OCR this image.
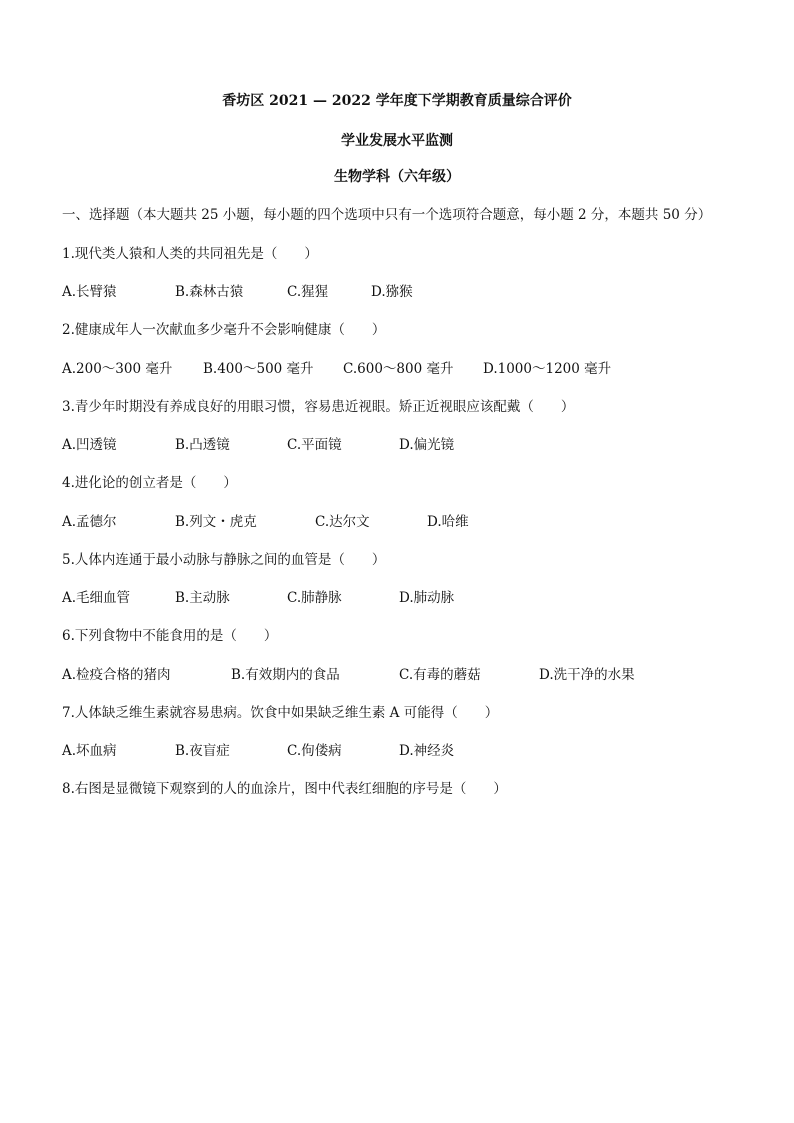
香坊区 2021 — 2022 学年度下学期教育质量综合评价
学业发展水平监测
生物学科（六年级）
一、选择题（本大题共 25 小题，每小题的四个选项中只有一个选项符合题意，每小题 2 分，本题共 50 分）
1.现代类人猿和人类的共同祖先是（　　）
A.长臂猿	B.森林古猿	C.猩猩	D.猕猴
2.健康成年人一次献血多少毫升不会影响健康（　　）
A.200～300 毫升 B.400～500 毫升 C.600～800 毫升 D.1000～1200 毫升
3.青少年时期没有养成良好的用眼习惯，容易患近视眼。矫正近视眼应该配戴（　　）
A.凹透镜	B.凸透镜	C.平面镜	D.偏光镜
4.进化论的创立者是（　　）
A.孟德尔	B.列文・虎克	C.达尔文	D.哈维
5.人体内连通于最小动脉与静脉之间的血管是（　　）
A.毛细血管	B.主动脉	C.肺静脉	D.肺动脉
6.下列食物中不能食用的是（　　）
A.检疫合格的猪肉	B.有效期内的食品	C.有毒的蘑菇	D.洗干净的水果
7.人体缺乏维生素就容易患病。饮食中如果缺乏维生素 A 可能得（　　）
A.坏血病	B.夜盲症	C.佝偻病	D.神经炎
8.右图是显微镜下观察到的人的血涂片，图中代表红细胞的序号是（　　）
